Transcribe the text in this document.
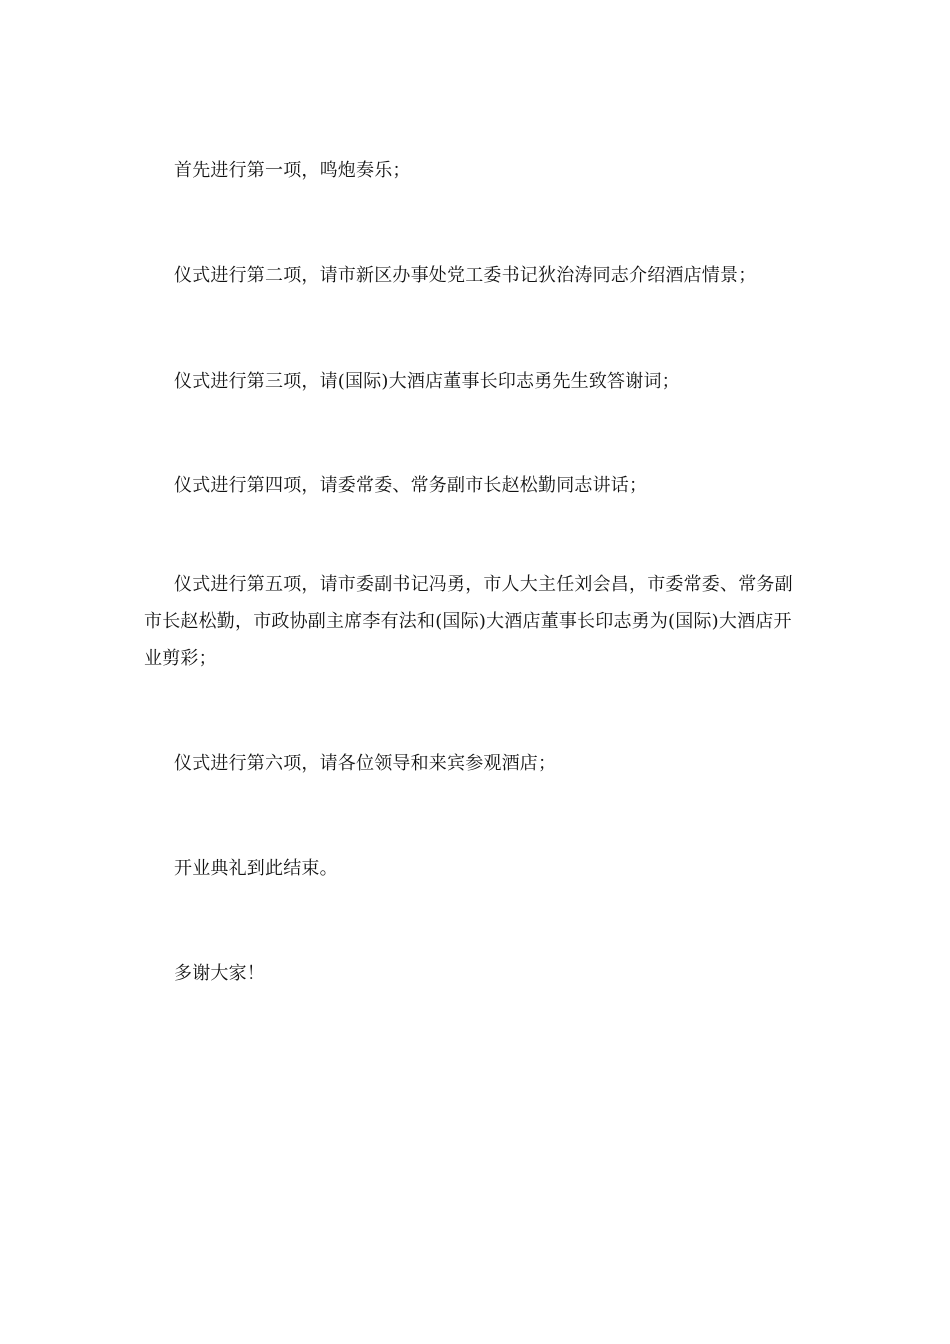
首先进行第一项，鸣炮奏乐；

仪式进行第二项，请市新区办事处党工委书记狄治涛同志介绍酒店情景；

仪式进行第三项，请(国际)大酒店董事长印志勇先生致答谢词；

仪式进行第四项，请委常委、常务副市长赵松勤同志讲话；

仪式进行第五项，请市委副书记冯勇，市人大主任刘会昌，市委常委、常务副市长赵松勤，市政协副主席李有法和(国际)大酒店董事长印志勇为(国际)大酒店开业剪彩；

仪式进行第六项，请各位领导和来宾参观酒店；

开业典礼到此结束。

多谢大家！
